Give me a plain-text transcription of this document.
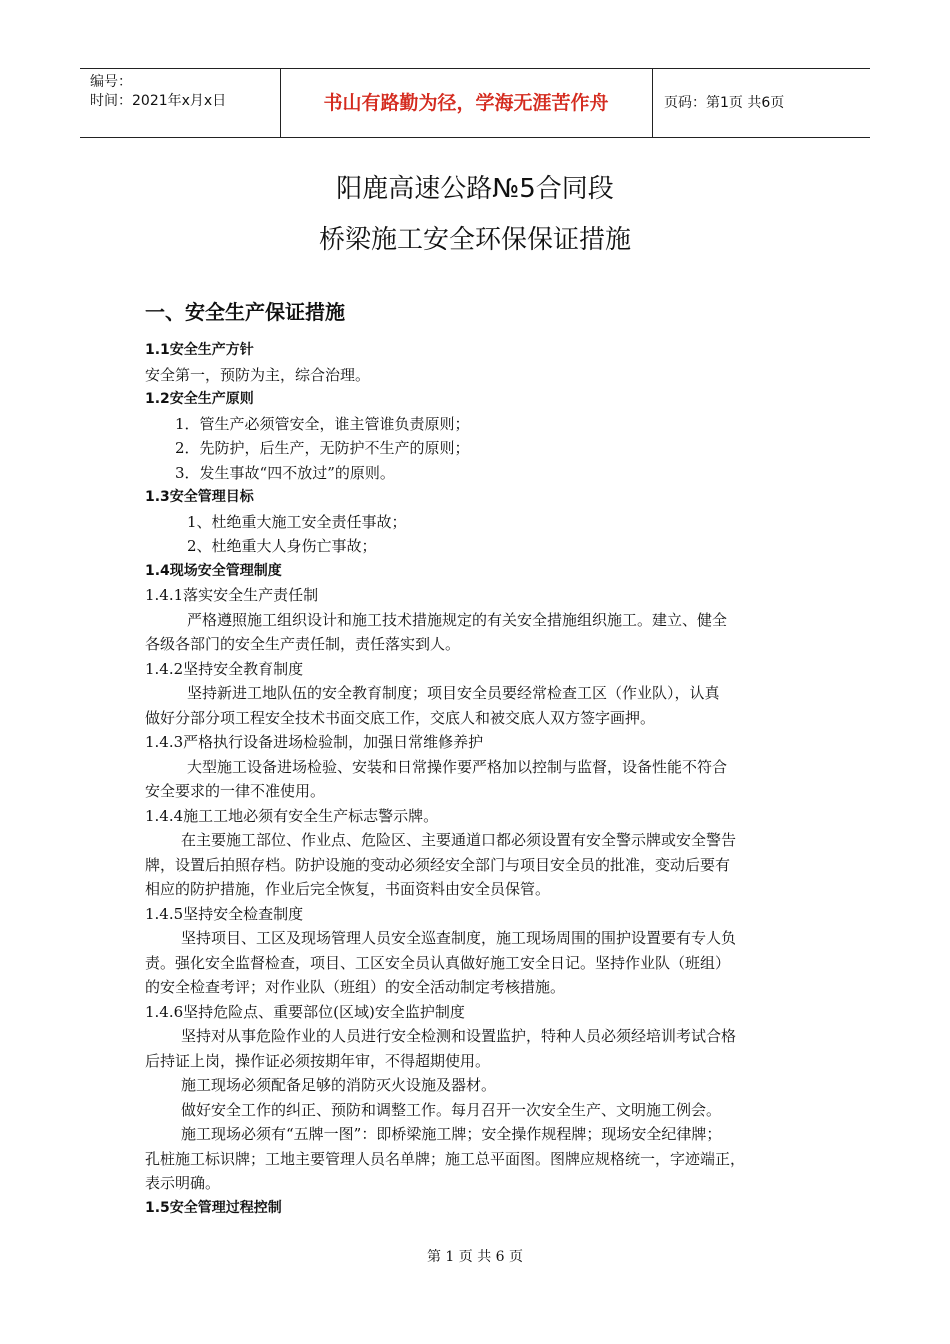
编号：
时间：2021年x月x日	书山有路勤为径，学海无涯苦作舟	页码：第1页 共6页
阳鹿高速公路№5合同段
桥梁施工安全环保保证措施
一、安全生产保证措施

1.1安全生产方针

安全第一，预防为主，综合治理。

1.2安全生产原则

1．管生产必须管安全，谁主管谁负责原则；

2．先防护，后生产，无防护不生产的原则；

3．发生事故“四不放过”的原则。

1.3安全管理目标

1、杜绝重大施工安全责任事故；

2、杜绝重大人身伤亡事故；

1.4现场安全管理制度

1.4.1落实安全生产责任制

严格遵照施工组织设计和施工技术措施规定的有关安全措施组织施工。建立、健全

各级各部门的安全生产责任制，责任落实到人。

1.4.2坚持安全教育制度

坚持新进工地队伍的安全教育制度；项目安全员要经常检查工区（作业队），认真

做好分部分项工程安全技术书面交底工作，交底人和被交底人双方签字画押。

1.4.3严格执行设备进场检验制，加强日常维修养护

大型施工设备进场检验、安装和日常操作要严格加以控制与监督，设备性能不符合

安全要求的一律不准使用。

1.4.4施工工地必须有安全生产标志警示牌。

在主要施工部位、作业点、危险区、主要通道口都必须设置有安全警示牌或安全警告

牌，设置后拍照存档。防护设施的变动必须经安全部门与项目安全员的批准，变动后要有

相应的防护措施，作业后完全恢复，书面资料由安全员保管。

1.4.5坚持安全检查制度

坚持项目、工区及现场管理人员安全巡查制度，施工现场周围的围护设置要有专人负

责。强化安全监督检查，项目、工区安全员认真做好施工安全日记。坚持作业队（班组）

的安全检查考评；对作业队（班组）的安全活动制定考核措施。

1.4.6坚持危险点、重要部位(区域)安全监护制度

坚持对从事危险作业的人员进行安全检测和设置监护，特种人员必须经培训考试合格

后持证上岗，操作证必须按期年审，不得超期使用。

施工现场必须配备足够的消防灭火设施及器材。

做好安全工作的纠正、预防和调整工作。每月召开一次安全生产、文明施工例会。

施工现场必须有“五牌一图”：即桥梁施工牌；安全操作规程牌；现场安全纪律牌；

孔桩施工标识牌；工地主要管理人员名单牌；施工总平面图。图牌应规格统一，字迹端正，

表示明确。

1.5安全管理过程控制

第 1 页 共 6 页
